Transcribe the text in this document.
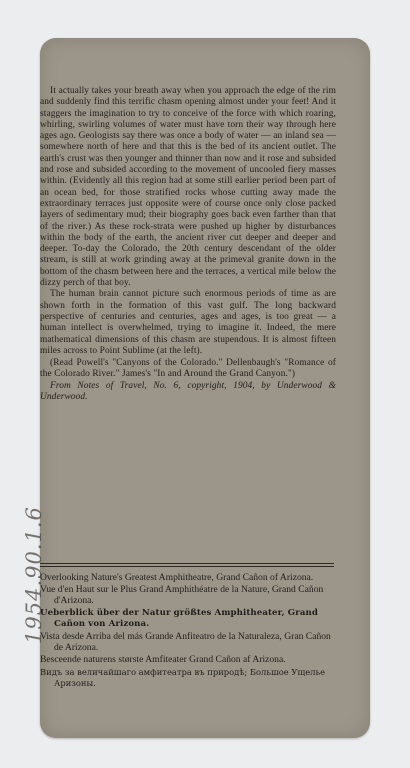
It actually takes your breath away when you approach the edge of the rim and suddenly find this terrific chasm opening almost under your feet! And it staggers the imagination to try to conceive of the force with which roaring, whirling, swirling volumes of water must have torn their way through here ages ago. Geologists say there was once a body of water — an inland sea — somewhere north of here and that this is the bed of its ancient outlet. The earth's crust was then younger and thinner than now and it rose and subsided and rose and subsided according to the movement of uncooled fiery masses within. (Evidently all this region had at some still earlier period been part of an ocean bed, for those stratified rocks whose cutting away made the extraordinary terraces just opposite were of course once only close packed layers of sedimentary mud; their biography goes back even farther than that of the river.) As these rock-strata were pushed up higher by disturbances within the body of the earth, the ancient river cut deeper and deeper and deeper. To-day the Colorado, the 20th century descendant of the older stream, is still at work grinding away at the primeval granite down in the bottom of the chasm between here and the terraces, a vertical mile below the dizzy perch of that boy.

The human brain cannot picture such enormous periods of time as are shown forth in the formation of this vast gulf. The long backward perspective of centuries and centuries, ages and ages, is too great — a human intellect is overwhelmed, trying to imagine it. Indeed, the mere mathematical dimensions of this chasm are stupendous. It is almost fifteen miles across to Point Sublime (at the left).

(Read Powell's "Canyons of the Colorado." Dellenbaugh's "Romance of the Colorado River." James's "In and Around the Grand Canyon.")

From Notes of Travel, No. 6, copyright, 1904, by Underwood & Underwood.

Overlooking Nature's Greatest Amphitheatre, Grand Cañon of Arizona.

Vue d'en Haut sur le Plus Grand Amphithéatre de la Nature, Grand Cañon d'Arizona.

Ueberblick über der Natur größtes Amphitheater, Grand Cañon von Arizona.

Vista desde Arriba del más Grande Anfiteatro de la Naturaleza, Gran Cañon de Arizona.

Besceende naturens største Amfiteater Grand Cañon af Arizona.

Видъ за величайшаго амфитеатра въ природѣ; Большое Ущелье Аризоны.

1954.90.1.6
